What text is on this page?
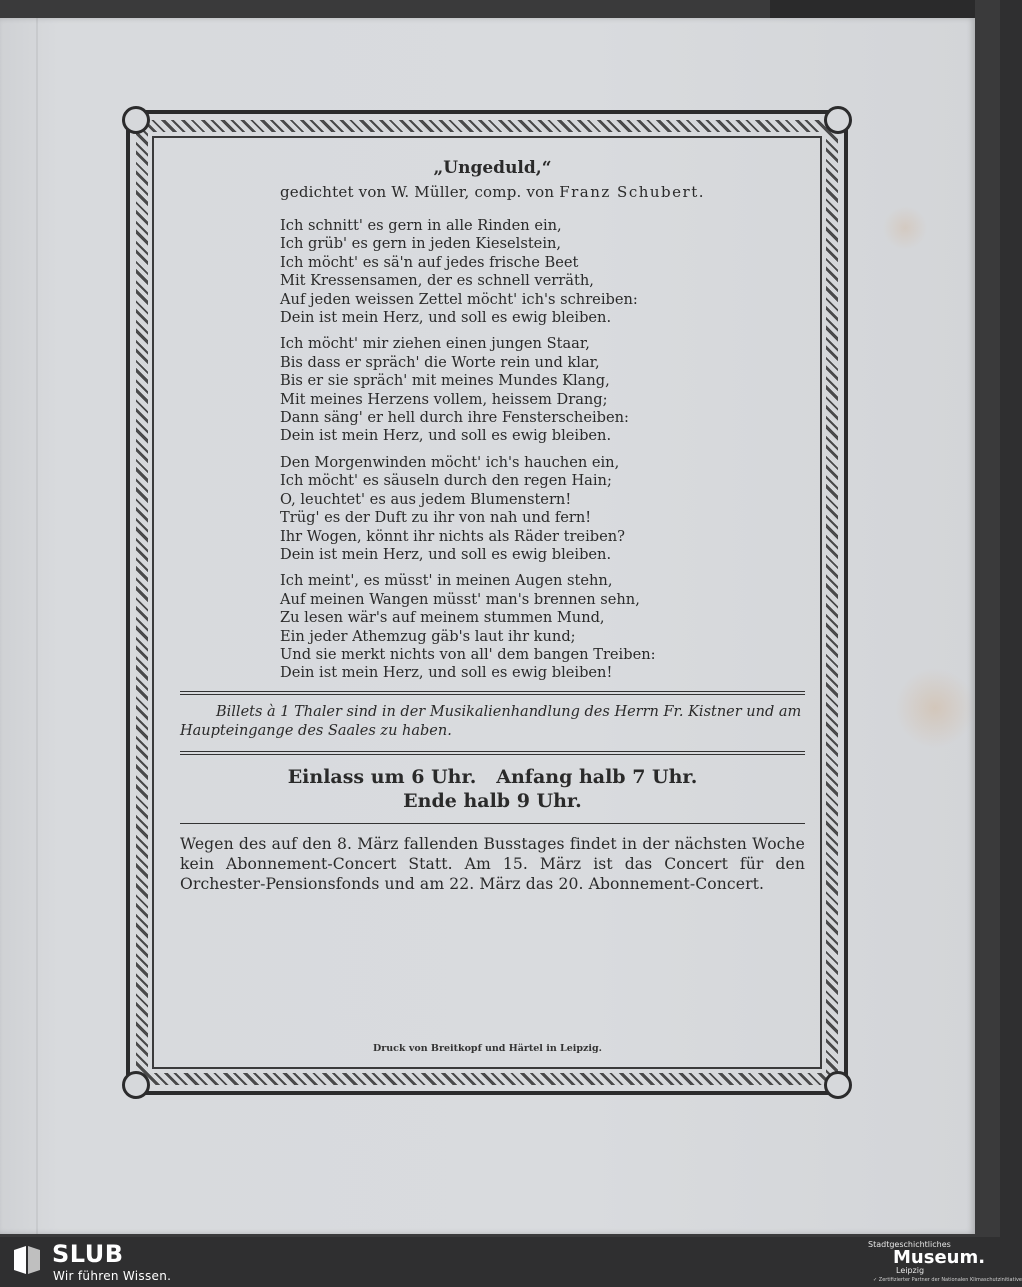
„Ungeduld,“
gedichtet von W. Müller, comp. von Franz Schubert.
Ich schnitt' es gern in alle Rinden ein,
Ich grüb' es gern in jeden Kieselstein,
Ich möcht' es sä'n auf jedes frische Beet
Mit Kressensamen, der es schnell verräth,
Auf jeden weissen Zettel möcht' ich's schreiben:
Dein ist mein Herz, und soll es ewig bleiben.
Ich möcht' mir ziehen einen jungen Staar,
Bis dass er spräch' die Worte rein und klar,
Bis er sie spräch' mit meines Mundes Klang,
Mit meines Herzens vollem, heissem Drang;
Dann säng' er hell durch ihre Fensterscheiben:
Dein ist mein Herz, und soll es ewig bleiben.
Den Morgenwinden möcht' ich's hauchen ein,
Ich möcht' es säuseln durch den regen Hain;
O, leuchtet' es aus jedem Blumenstern!
Trüg' es der Duft zu ihr von nah und fern!
Ihr Wogen, könnt ihr nichts als Räder treiben?
Dein ist mein Herz, und soll es ewig bleiben.
Ich meint', es müsst' in meinen Augen stehn,
Auf meinen Wangen müsst' man's brennen sehn,
Zu lesen wär's auf meinem stummen Mund,
Ein jeder Athemzug gäb's laut ihr kund;
Und sie merkt nichts von all' dem bangen Treiben:
Dein ist mein Herz, und soll es ewig bleiben!
Billets à 1 Thaler sind in der Musikalienhandlung des Herrn Fr. Kistner und am Haupteingange des Saales zu haben.
Einlass um 6 Uhr.   Anfang halb 7 Uhr.
Ende halb 9 Uhr.
Wegen des auf den 8. März fallenden Busstages findet in der nächsten Woche kein Abonnement-Concert Statt. Am 15. März ist das Concert für den Orchester-Pensionsfonds und am 22. März das 20. Abonnement-Concert.
Druck von Breitkopf und Härtel in Leipzig.
SLUB
Wir führen Wissen.
Stadtgeschichtliches
Museum.
Leipzig
✓ Zertifizierter Partner der Nationalen Klimaschutzinitiative
